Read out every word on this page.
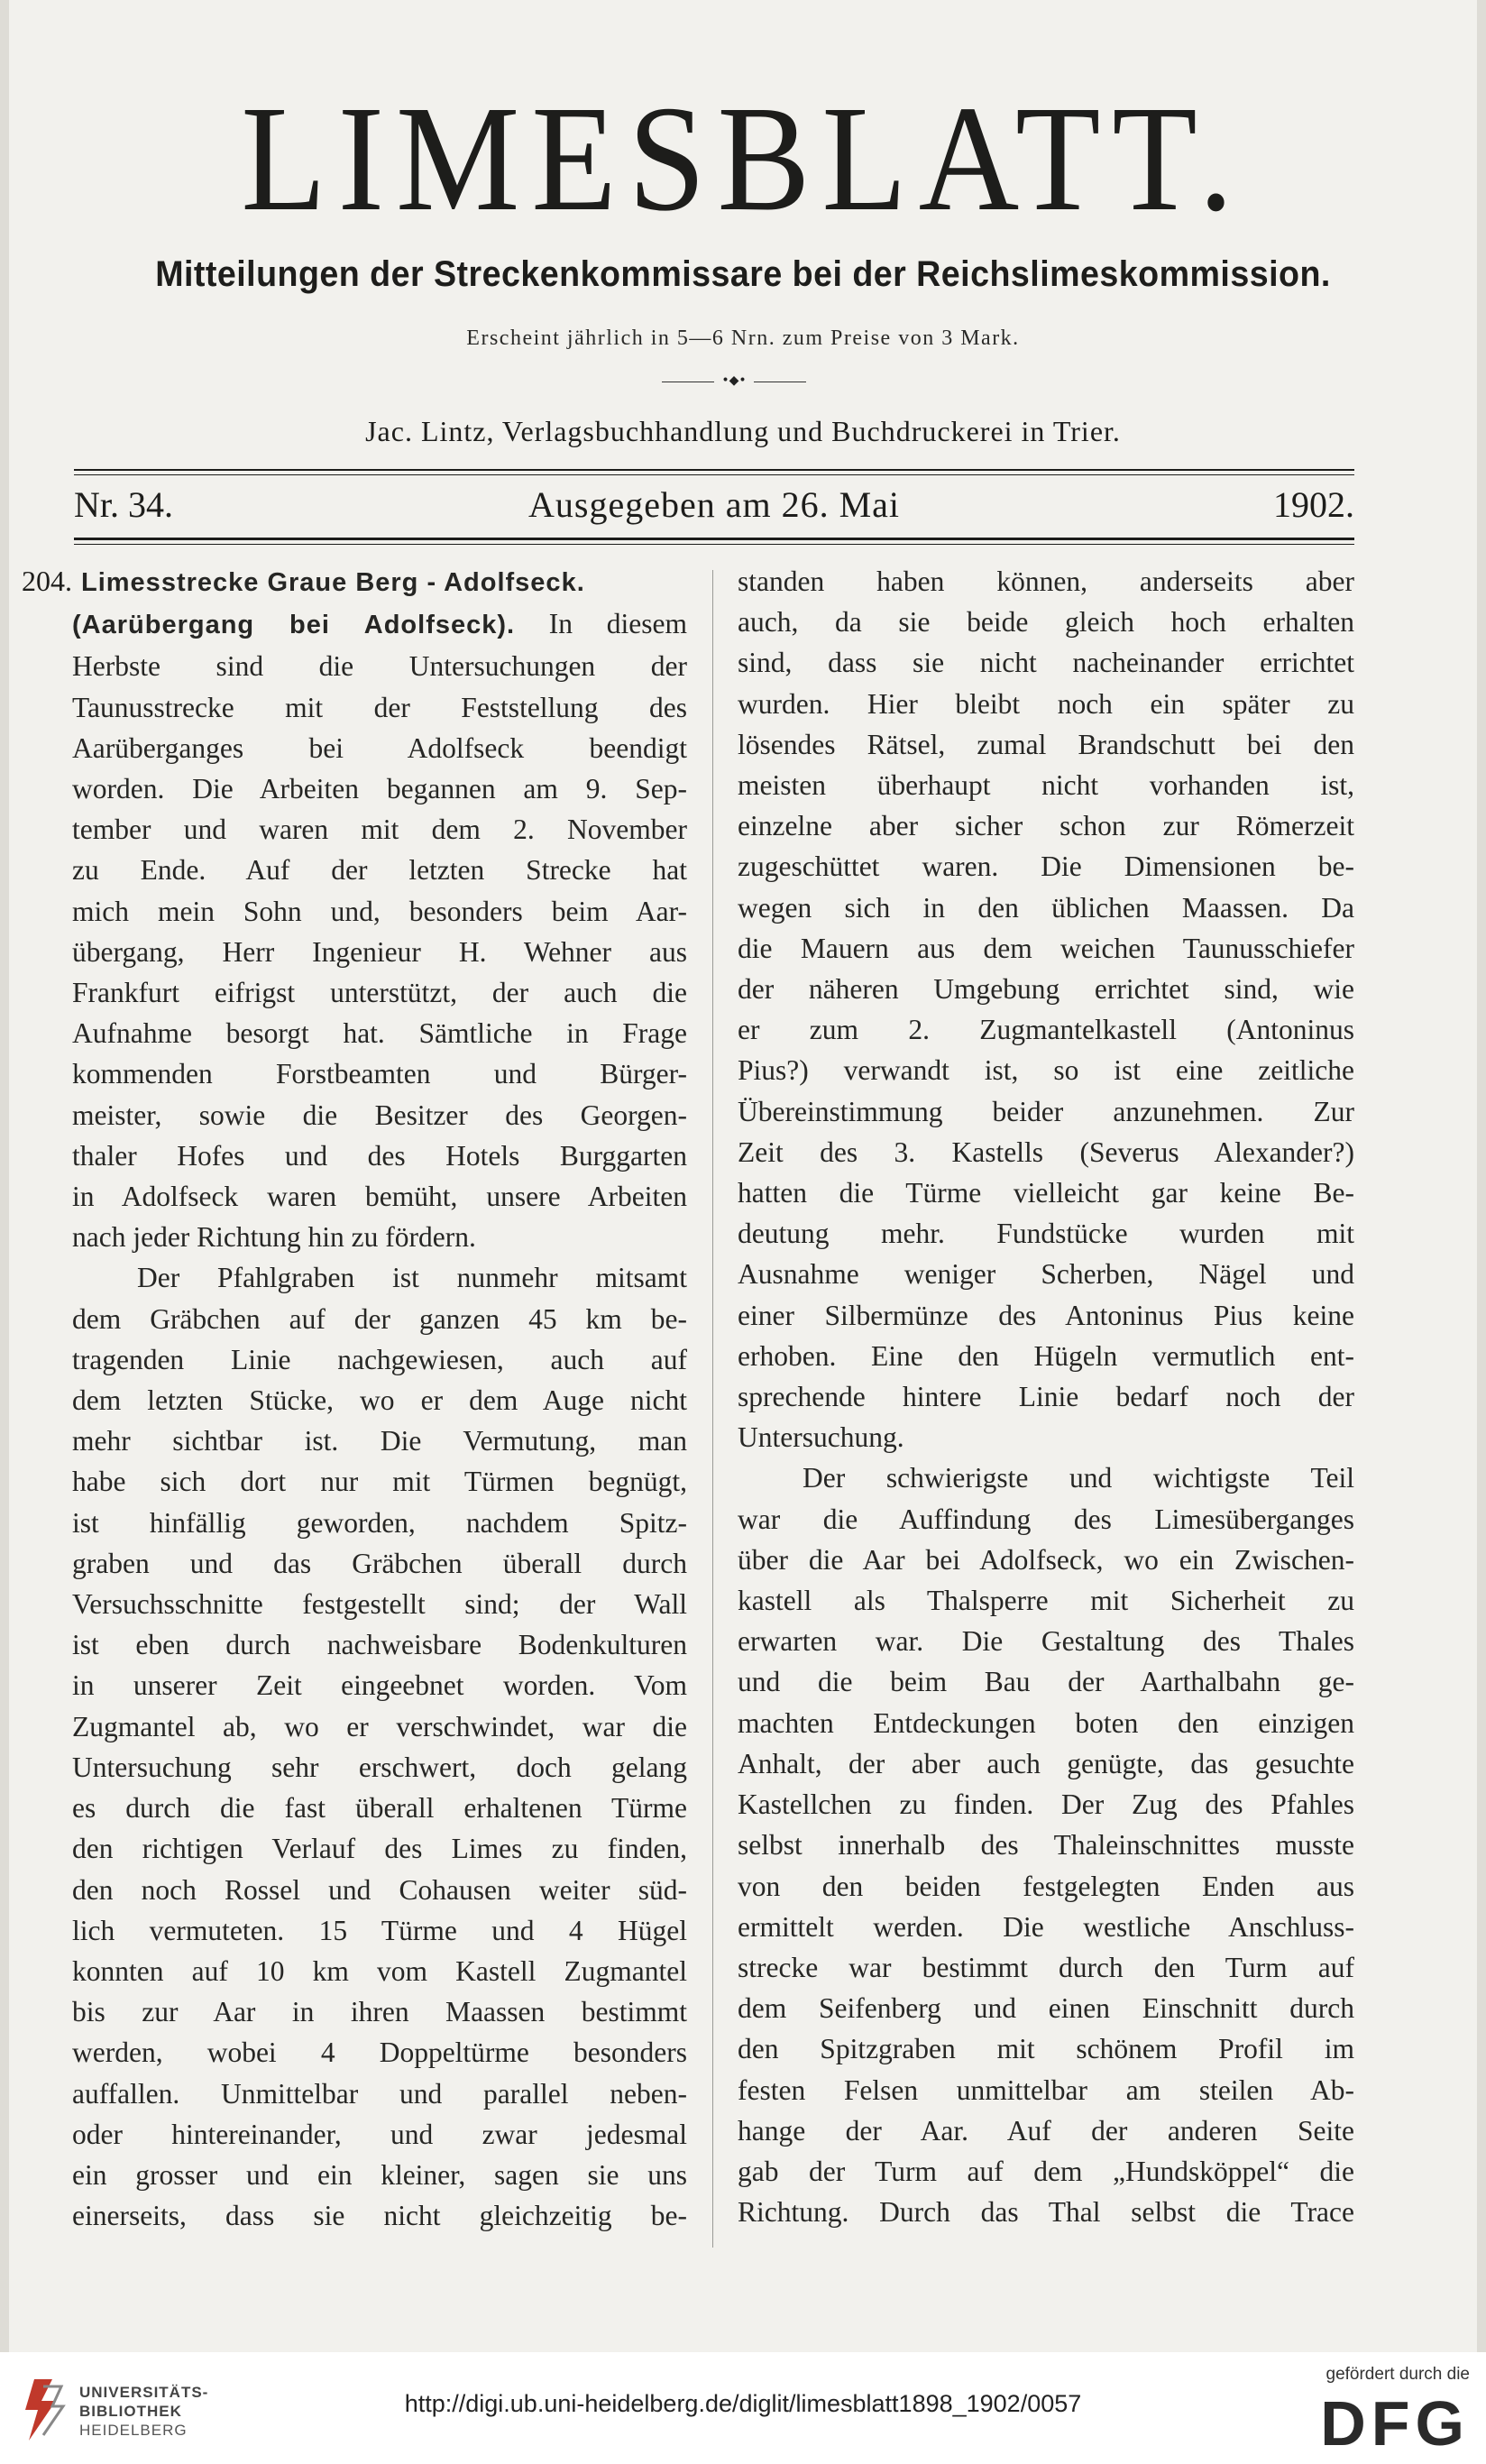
LIMESBLATT.
Mitteilungen der Streckenkommissare bei der Reichslimeskommission.
Erscheint jährlich in 5—6 Nrn. zum Preise von 3 Mark.
•◆•
Jac. Lintz, Verlagsbuchhandlung und Buchdruckerei in Trier.
Ausgegeben am 26. Mai
Nr. 34.	1902.
204. Limesstrecke Graue Berg - Adolfseck.
(Aarübergang bei Adolfseck). In diesem
Herbste sind die Untersuchungen der
Taunusstrecke mit der Feststellung des
Aarüberganges bei Adolfseck beendigt
worden. Die Arbeiten begannen am 9. Sep-
tember und waren mit dem 2. November
zu Ende. Auf der letzten Strecke hat
mich mein Sohn und, besonders beim Aar-
übergang, Herr Ingenieur H. Wehner aus
Frankfurt eifrigst unterstützt, der auch die
Aufnahme besorgt hat. Sämtliche in Frage
kommenden Forstbeamten und Bürger-
meister, sowie die Besitzer des Georgen-
thaler Hofes und des Hotels Burggarten
in Adolfseck waren bemüht, unsere Arbeiten
nach jeder Richtung hin zu fördern.
Der Pfahlgraben ist nunmehr mitsamt
dem Gräbchen auf der ganzen 45 km be-
tragenden Linie nachgewiesen, auch auf
dem letzten Stücke, wo er dem Auge nicht
mehr sichtbar ist. Die Vermutung, man
habe sich dort nur mit Türmen begnügt,
ist hinfällig geworden, nachdem Spitz-
graben und das Gräbchen überall durch
Versuchsschnitte festgestellt sind; der Wall
ist eben durch nachweisbare Bodenkulturen
in unserer Zeit eingeebnet worden. Vom
Zugmantel ab, wo er verschwindet, war die
Untersuchung sehr erschwert, doch gelang
es durch die fast überall erhaltenen Türme
den richtigen Verlauf des Limes zu finden,
den noch Rossel und Cohausen weiter süd-
lich vermuteten. 15 Türme und 4 Hügel
konnten auf 10 km vom Kastell Zugmantel
bis zur Aar in ihren Maassen bestimmt
werden, wobei 4 Doppeltürme besonders
auffallen. Unmittelbar und parallel neben-
oder hintereinander, und zwar jedesmal
ein grosser und ein kleiner, sagen sie uns
einerseits, dass sie nicht gleichzeitig be-
standen haben können, anderseits aber
auch, da sie beide gleich hoch erhalten
sind, dass sie nicht nacheinander errichtet
wurden. Hier bleibt noch ein später zu
lösendes Rätsel, zumal Brandschutt bei den
meisten überhaupt nicht vorhanden ist,
einzelne aber sicher schon zur Römerzeit
zugeschüttet waren. Die Dimensionen be-
wegen sich in den üblichen Maassen. Da
die Mauern aus dem weichen Taunusschiefer
der näheren Umgebung errichtet sind, wie
er zum 2. Zugmantelkastell (Antoninus
Pius?) verwandt ist, so ist eine zeitliche
Übereinstimmung beider anzunehmen. Zur
Zeit des 3. Kastells (Severus Alexander?)
hatten die Türme vielleicht gar keine Be-
deutung mehr. Fundstücke wurden mit
Ausnahme weniger Scherben, Nägel und
einer Silbermünze des Antoninus Pius keine
erhoben. Eine den Hügeln vermutlich ent-
sprechende hintere Linie bedarf noch der
Untersuchung.
Der schwierigste und wichtigste Teil
war die Auffindung des Limesüberganges
über die Aar bei Adolfseck, wo ein Zwischen-
kastell als Thalsperre mit Sicherheit zu
erwarten war. Die Gestaltung des Thales
und die beim Bau der Aarthalbahn ge-
machten Entdeckungen boten den einzigen
Anhalt, der aber auch genügte, das gesuchte
Kastellchen zu finden. Der Zug des Pfahles
selbst innerhalb des Thaleinschnittes musste
von den beiden festgelegten Enden aus
ermittelt werden. Die westliche Anschluss-
strecke war bestimmt durch den Turm auf
dem Seifenberg und einen Einschnitt durch
den Spitzgraben mit schönem Profil im
festen Felsen unmittelbar am steilen Ab-
hange der Aar. Auf der anderen Seite
gab der Turm auf dem „Hundsköppel“ die
Richtung. Durch das Thal selbst die Trace
UNIVERSITÄTS-
BIBLIOTHEK
HEIDELBERG
http://digi.ub.uni-heidelberg.de/diglit/limesblatt1898_1902/0057
gefördert durch die
DFG
